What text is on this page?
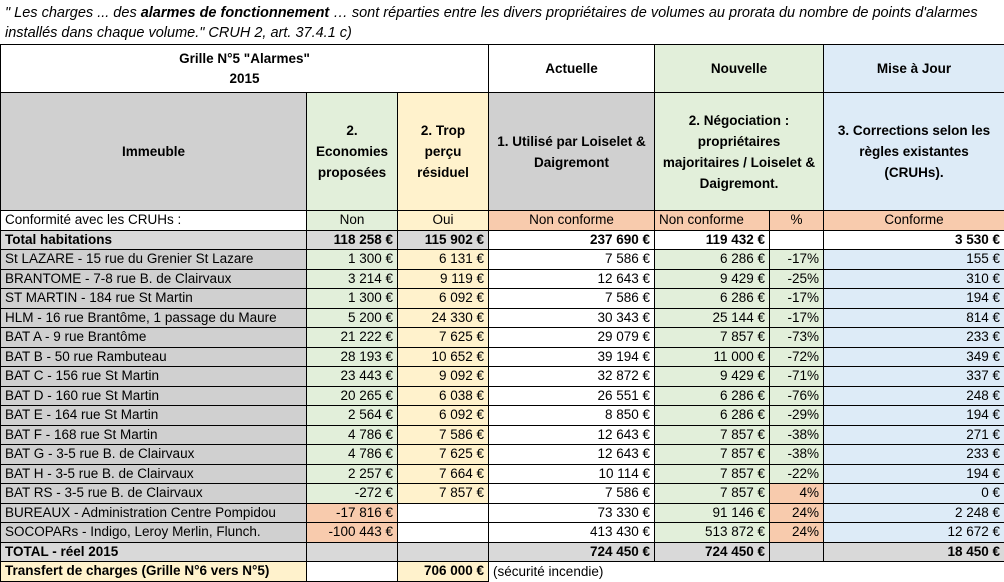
" Les charges ... des alarmes de fonctionnement … sont réparties entre les divers propriétaires de volumes au prorata du nombre de points d'alarmes installés dans chaque volume." CRUH 2, art. 37.4.1 c)
Grille N°5 "Alarmes"
2015			Actuelle	Nouvelle		Mise à Jour
Immeuble	2. Economies proposées	2. Trop perçu résiduel	1. Utilisé par Loiselet & Daigremont	2. Négociation : propriétaires majoritaires / Loiselet & Daigremont.		3. Corrections selon les règles existantes (CRUHs).
Conformité avec les CRUHs :	Non	Oui	Non conforme	Non conforme	%	Conforme
Total habitations	118 258 €	115 902 €	237 690 €	119 432 €		3 530 €
St LAZARE - 15 rue du Grenier St Lazare	1 300 €	6 131 €	7 586 €	6 286 €	-17%	155 €
BRANTOME - 7-8 rue B. de Clairvaux	3 214 €	9 119 €	12 643 €	9 429 €	-25%	310 €
ST MARTIN - 184 rue St Martin	1 300 €	6 092 €	7 586 €	6 286 €	-17%	194 €
HLM - 16 rue Brantôme, 1 passage du Maure	5 200 €	24 330 €	30 343 €	25 144 €	-17%	814 €
BAT A - 9 rue Brantôme	21 222 €	7 625 €	29 079 €	7 857 €	-73%	233 €
BAT B - 50 rue Rambuteau	28 193 €	10 652 €	39 194 €	11 000 €	-72%	349 €
BAT C - 156 rue St Martin	23 443 €	9 092 €	32 872 €	9 429 €	-71%	337 €
BAT D - 160 rue St Martin	20 265 €	6 038 €	26 551 €	6 286 €	-76%	248 €
BAT E - 164 rue St Martin	2 564 €	6 092 €	8 850 €	6 286 €	-29%	194 €
BAT F - 168 rue St Martin	4 786 €	7 586 €	12 643 €	7 857 €	-38%	271 €
BAT G - 3-5 rue B. de Clairvaux	4 786 €	7 625 €	12 643 €	7 857 €	-38%	233 €
BAT H - 3-5 rue B. de Clairvaux	2 257 €	7 664 €	10 114 €	7 857 €	-22%	194 €
BAT RS - 3-5 rue B. de Clairvaux	-272 €	7 857 €	7 586 €	7 857 €	4%	0 €
BUREAUX - Administration Centre Pompidou	-17 816 €		73 330 €	91 146 €	24%	2 248 €
SOCOPARs - Indigo, Leroy Merlin, Flunch.	-100 443 €		413 430 €	513 872 €	24%	12 672 €
TOTAL - réel 2015			724 450 €	724 450 €		18 450 €
Transfert de charges (Grille N°6 vers N°5)		706 000 €	(sécurité incendie)			
